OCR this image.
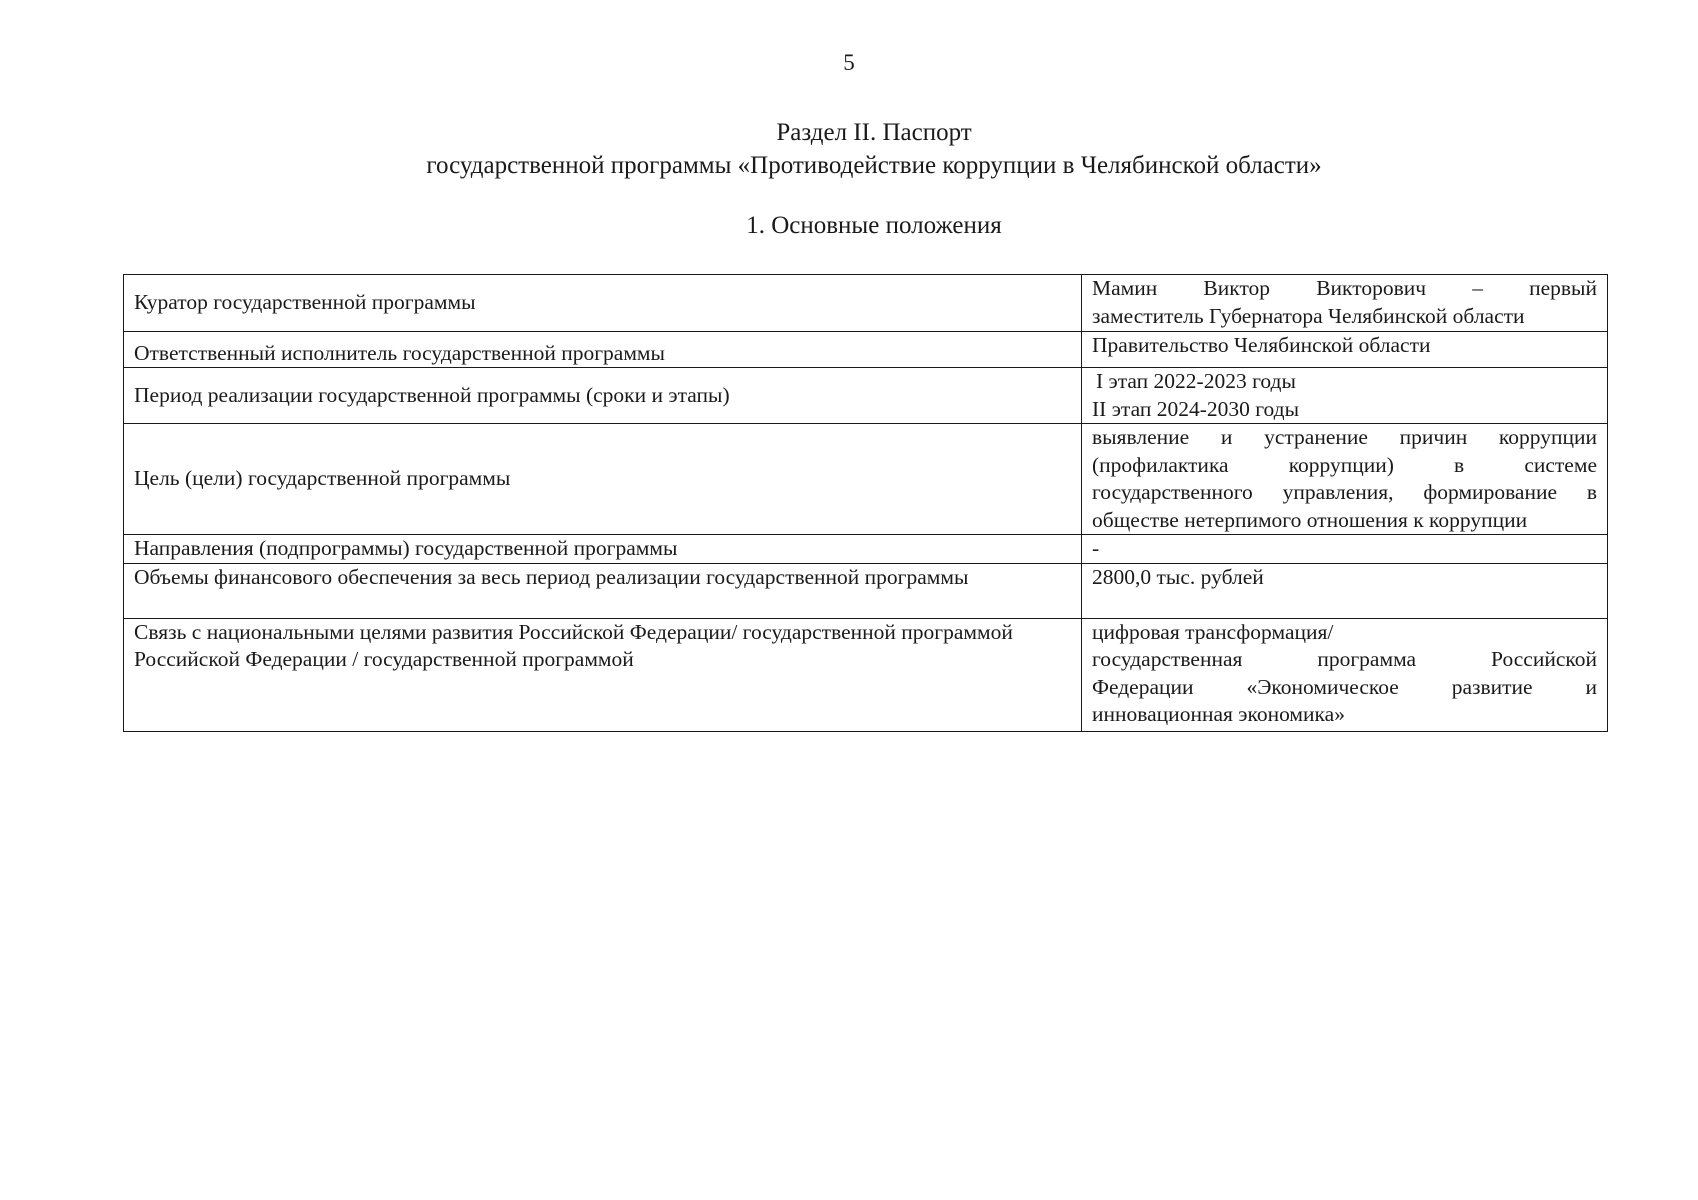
5
Раздел II. Паспорт
государственной программы «Противодействие коррупции в Челябинской области»
1. Основные положения
Куратор государственной программы	Мамин Виктор Викторович – первый
заместитель Губернатора Челябинской области

Ответственный исполнитель государственной программы	Правительство Челябинской области

Период реализации государственной программы (сроки и этапы)	I этап 2022-2023 годы
II этап 2024-2030 годы

Цель (цели) государственной программы	выявление и устранение причин коррупции
(профилактика коррупции) в системе
государственного управления, формирование в
обществе нетерпимого отношения к коррупции

Направления (подпрограммы) государственной программы	-

Объемы финансового обеспечения за весь период реализации государственной программы	2800,0 тыс. рублей

Связь с национальными целями развития Российской Федерации/ государственной программой Российской Федерации / государственной программой	цифровая трансформация/
государственная программа Российской
Федерации «Экономическое развитие и
инновационная экономика»
